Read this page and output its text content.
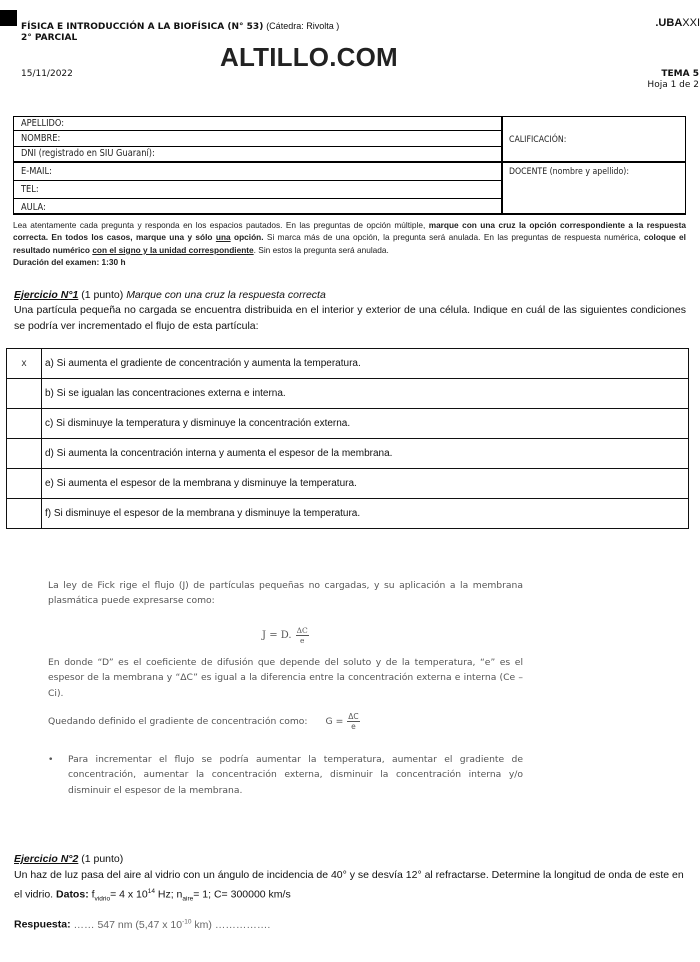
FÍSICA E INTRODUCCIÓN A LA BIOFÍSICA (N° 53) (Cátedra: Rivolta )
2° PARCIAL
ALTILLO.COM
15/11/2022
.UBAXXI
TEMA 5
Hoja 1 de 2
APELLIDO:
NOMBRE:
DNI (registrado en SIU Guaraní):
E-MAIL:
TEL:
AULA:
CALIFICACIÓN:
DOCENTE (nombre y apellido):
Lea atentamente cada pregunta y responda en los espacios pautados. En las preguntas de opción múltiple, marque con una cruz la opción correspondiente a la respuesta correcta. En todos los casos, marque una y sólo una opción. Si marca más de una opción, la pregunta será anulada. En las preguntas de respuesta numérica, coloque el resultado numérico con el signo y la unidad correspondiente. Sin estos la pregunta será anulada.
Duración del examen: 1:30 h
Ejercicio N°1 (1 punto) Marque con una cruz la respuesta correcta
Una partícula pequeña no cargada se encuentra distribuida en el interior y exterior de una célula. Indique en cuál de las siguientes condiciones se podría ver incrementado el flujo de esta partícula:
x	a) Si aumenta el gradiente de concentración y aumenta la temperatura.
	b) Si se igualan las concentraciones externa e interna.
	c) Si disminuye la temperatura y disminuye la concentración externa.
	d) Si aumenta la concentración interna y aumenta el espesor de la membrana.
	e) Si aumenta el espesor de la membrana y disminuye la temperatura.
	f) Si disminuye el espesor de la membrana y disminuye la temperatura.
La ley de Fick rige el flujo (J) de partículas pequeñas no cargadas, y su aplicación a la membrana plasmática puede expresarse como:
J = D. $\frac{\Delta C}{e}$
En donde “D” es el coeficiente de difusión que depende del soluto y de la temperatura, “e” es el espesor de la membrana y “ΔC” es igual a la diferencia entre la concentración externa e interna (Ce – Ci).
Quedando definido el gradiente de concentración como: $G = \frac{\Delta C}{e}$
•	Para incrementar el flujo se podría aumentar la temperatura, aumentar el gradiente de concentración, aumentar la concentración externa, disminuir la concentración interna y/o disminuir el espesor de la membrana.
Ejercicio N°2 (1 punto)
Un haz de luz pasa del aire al vidrio con un ángulo de incidencia de 40° y se desvía 12° al refractarse. Determine la longitud de onda de este en el vidrio. Datos: $f_{vidrio}= 4$ x $10^{14}$ Hz; $n_{aire}= 1$; C= 300000 km/s
Respuesta: …… 547 nm (5,47 x $10^{-10}$ km) …………….
